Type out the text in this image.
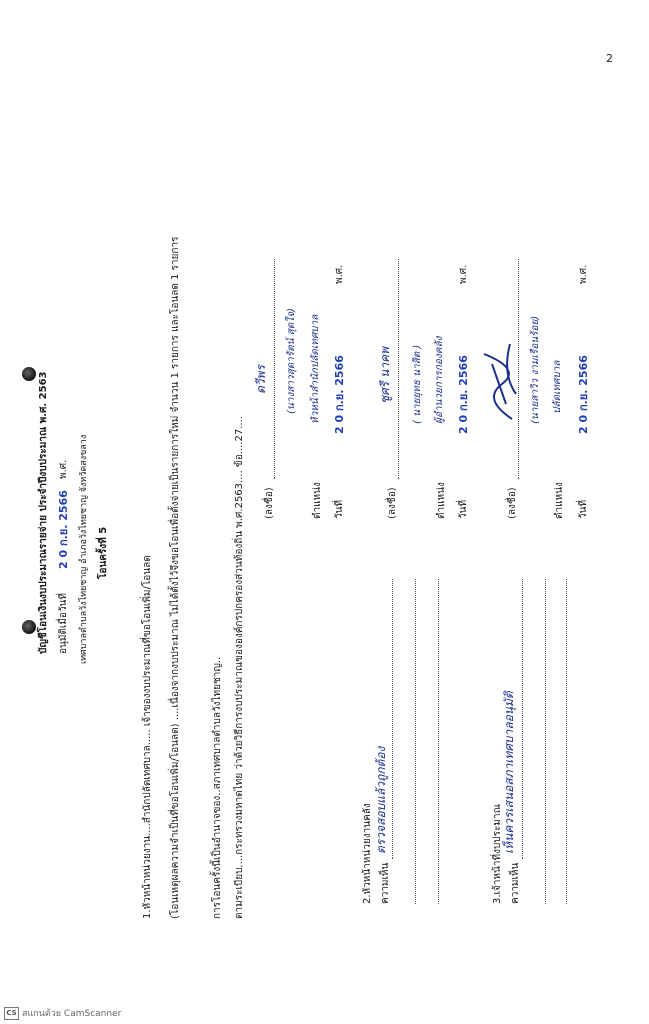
2
บัญชีโอนเงินงบประมาณรายจ่าย ประจำปีงบประมาณ พ.ศ. 2563 อนุมัติเมื่อวันที่
2 0 ก.ย. 2566
พ.ศ.	เทศบาลตำบลวังไทยชาญ อำเภอวังไทยชาญ จังหวัดสงขลาง โอนครั้งที่ 5
1.หัวหน้าหน่วยงาน....สำนักปลัดเทศบาล..... เจ้าของงบประมาณที่ขอโอนเพิ่ม/โอนลด (โอนเหตุผลความจำเป็นที่ขอโอนเพิ่ม/โอนลด) ....เนื่องจากงบประมาณ ไม่ได้ตั้งไว้จึงขอโอนเพื่อตั้งจ่ายเป็นรายการใหม่ จำนวน 1 รายการ และโอนลด 1 รายการ	การโอนครั้งนี้เป็นอำนาจของ..สภาเทศบาลตำบลวังไทยชาญ.. ตามระเบียบ....กระทรวงมหาดไทย ว่าด้วยวิธีการงบประมาณขององค์กรปกครองส่วนท้องถิ่น พ.ศ.2563.... ข้อ....27.... (ลงชื่อ)
ดวีพร	(นางสาวสุดารัตน์ สุดใจ)
ตำแหน่ง
หัวหน้าสำนักปลัดเทศบาล
วันที่
2 0 ก.ย. 2566
พ.ศ.
2.หัวหน้าหน่วยงานคลัง ความเห็น
ตรวจสอบแล้วถูกต้อง
(ลงชื่อ)
ชูศรี นาคพ	( นายยุทธ นาสิต )
ตำแหน่ง
ผู้อำนวยการกองคลัง
วันที่
2 0 ก.ย. 2566
พ.ศ.
3.เจ้าหน้าที่งบประมาณ ความเห็น
เห็นควรเสนอสภาเทศบาลอนุมัติ
(ลงชื่อ)
(นายสาวิว งามเรือนร้อย)
ตำแหน่ง
ปลัดเทศบาล
วันที่
2 0 ก.ย. 2566
พ.ศ.
CS สแกนด้วย CamScanner
